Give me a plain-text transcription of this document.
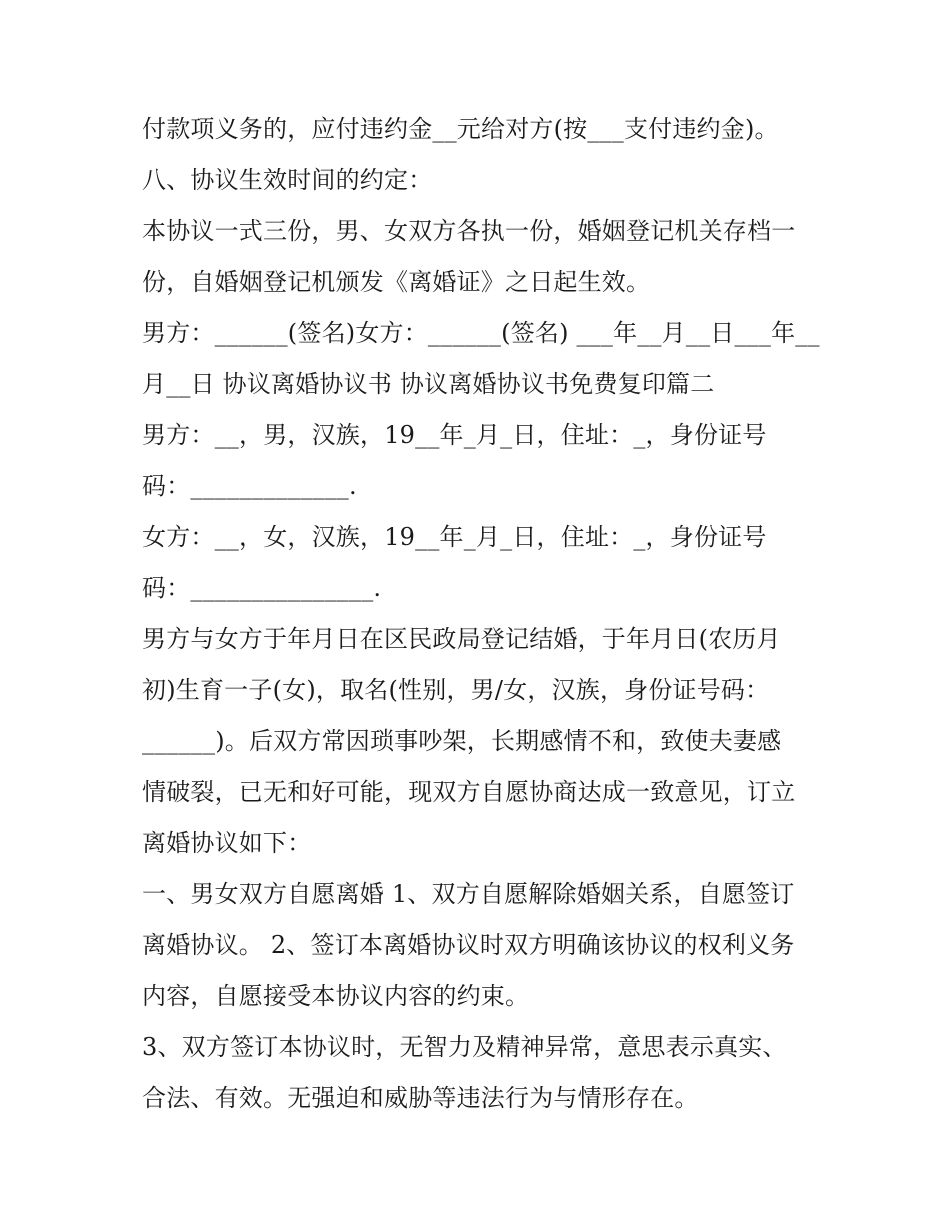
付款项义务的，应付违约金__元给对方(按___支付违约金)。
八、协议生效时间的约定：
本协议一式三份，男、女双方各执一份，婚姻登记机关存档一
份，自婚姻登记机颁发《离婚证》之日起生效。
男方：______(签名)女方：______(签名) ___年__月__日___年__
月__日 协议离婚协议书 协议离婚协议书免费复印篇二
男方：__，男，汉族，19__年_月_日，住址：_，身份证号
码：_____________.
女方：__，女，汉族，19__年_月_日，住址：_，身份证号
码：_______________.
男方与女方于年月日在区民政局登记结婚，于年月日(农历月
初)生育一子(女)，取名(性别，男/女，汉族，身份证号码：
______)。后双方常因琐事吵架，长期感情不和，致使夫妻感
情破裂，已无和好可能，现双方自愿协商达成一致意见，订立
离婚协议如下：
一、男女双方自愿离婚 1、双方自愿解除婚姻关系，自愿签订
离婚协议。 2、签订本离婚协议时双方明确该协议的权利义务
内容，自愿接受本协议内容的约束。
3、双方签订本协议时，无智力及精神异常，意思表示真实、
合法、有效。无强迫和威胁等违法行为与情形存在。
